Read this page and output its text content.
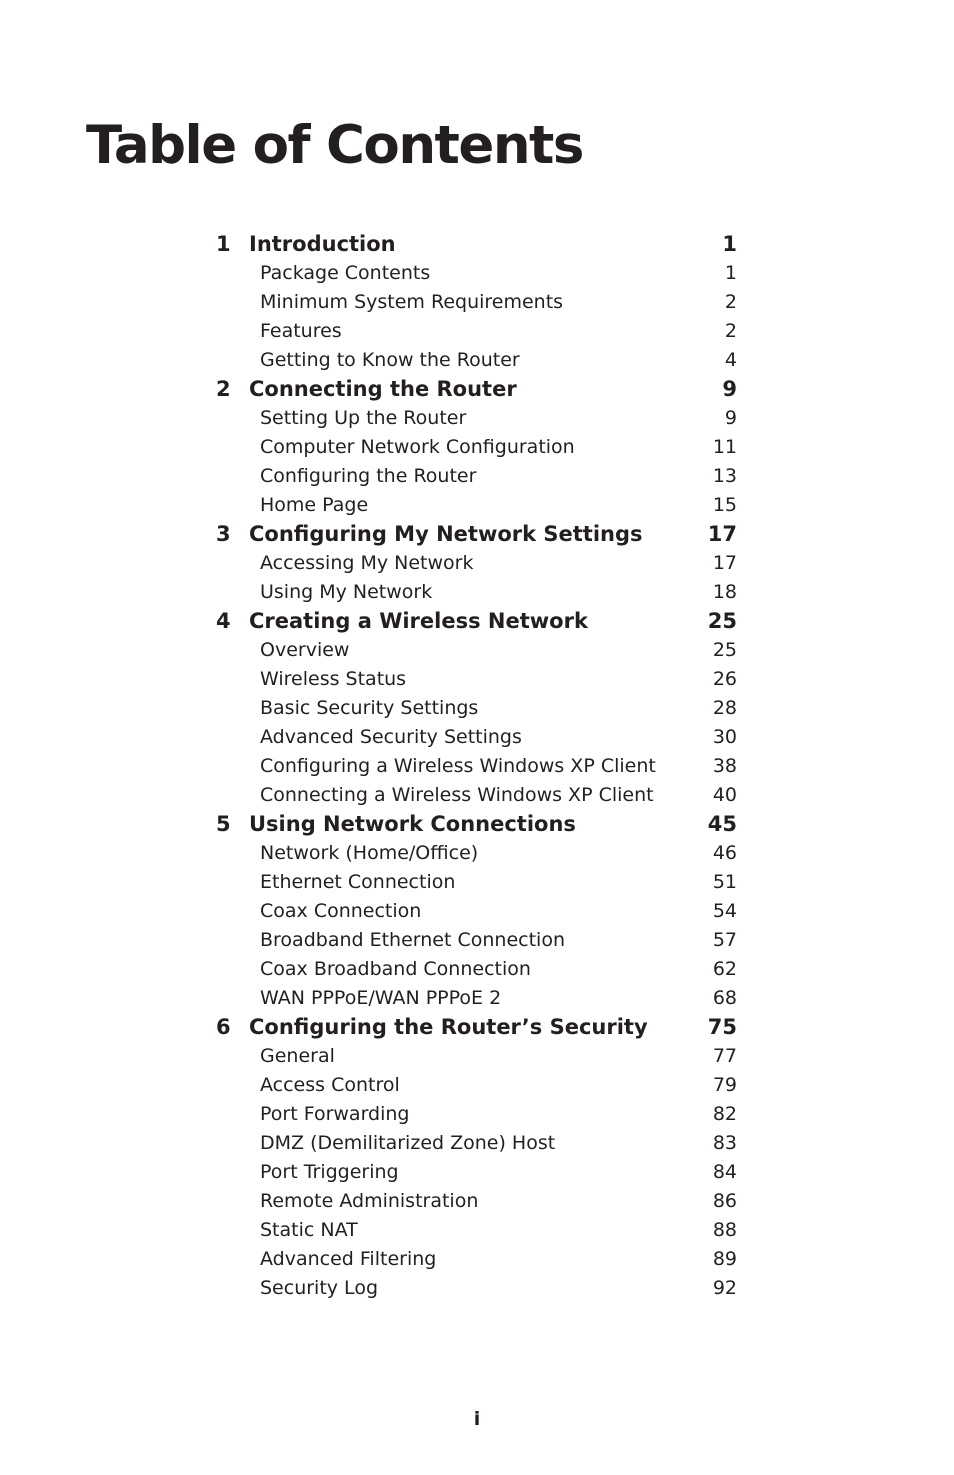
Table of Contents
1 Introduction	1
Package Contents	1
Minimum System Requirements	2
Features	2
Getting to Know the Router	4
2 Connecting the Router	9
Setting Up the Router	9
Computer Network Configuration	11
Configuring the Router	13
Home Page	15
3 Configuring My Network Settings	17
Accessing My Network	17
Using My Network	18
4 Creating a Wireless Network	25
Overview	25
Wireless Status	26
Basic Security Settings	28
Advanced Security Settings	30
Configuring a Wireless Windows XP Client	38
Connecting a Wireless Windows XP Client	40
5 Using Network Connections	45
Network (Home/Office)	46
Ethernet Connection	51
Coax Connection	54
Broadband Ethernet Connection	57
Coax Broadband Connection	62
WAN PPPoE/WAN PPPoE 2	68
6 Configuring the Router’s Security	75
General	77
Access Control	79
Port Forwarding	82
DMZ (Demilitarized Zone) Host	83
Port Triggering	84
Remote Administration	86
Static NAT	88
Advanced Filtering	89
Security Log	92
i
